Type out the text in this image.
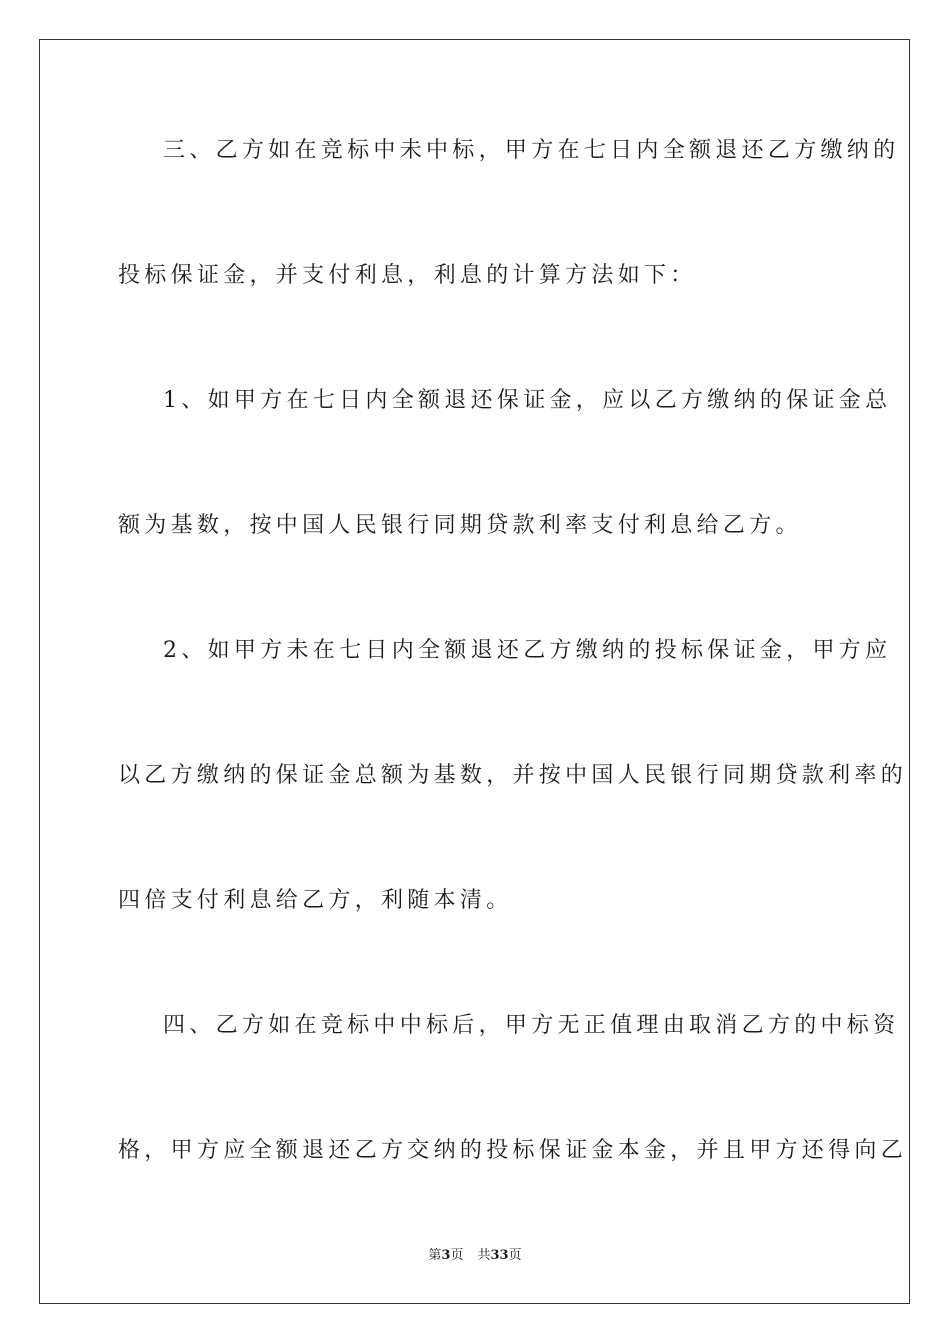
三、乙方如在竞标中未中标，甲方在七日内全额退还乙方缴纳的
投标保证金，并支付利息，利息的计算方法如下：
1、如甲方在七日内全额退还保证金，应以乙方缴纳的保证金总
额为基数，按中国人民银行同期贷款利率支付利息给乙方。
2、如甲方未在七日内全额退还乙方缴纳的投标保证金，甲方应
以乙方缴纳的保证金总额为基数，并按中国人民银行同期贷款利率的
四倍支付利息给乙方，利随本清。
四、乙方如在竞标中中标后，甲方无正值理由取消乙方的中标资
格，甲方应全额退还乙方交纳的投标保证金本金，并且甲方还得向乙
第3页 共33页
